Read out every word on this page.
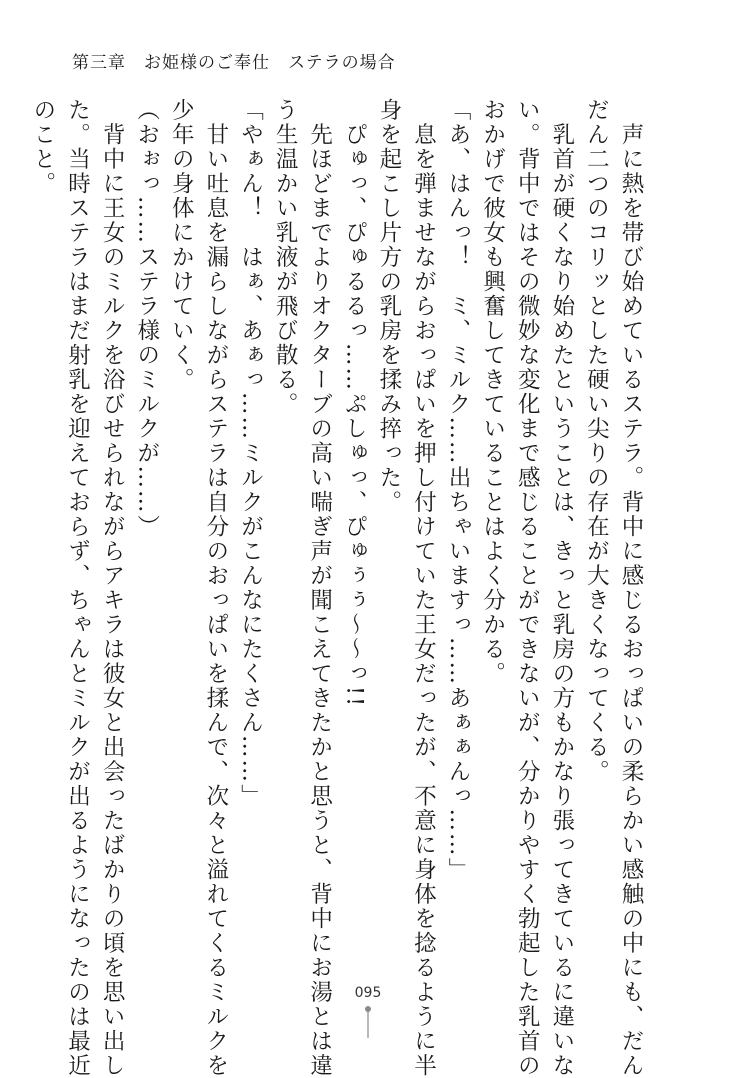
第三章　お姫様のご奉仕　ステラの場合

　声に熱を帯び始めているステラ。背中に感じるおっぱいの柔らかい感触の中にも、だん

だん二つのコリッとした硬い尖りの存在が大きくなってくる。

　乳首が硬くなり始めたということは、きっと乳房の方もかなり張ってきているに違いな

い。背中ではその微妙な変化まで感じることができないが、分かりやすく勃起した乳首の

おかげで彼女も興奮してきていることはよく分かる。

「あ、はんっ！　ミ、ミルク……出ちゃいますっ……あぁぁんっ……」

　息を弾ませながらおっぱいを押し付けていた王女だったが、不意に身体を捻るように半

身を起こし片方の乳房を揉み捽った。

　ぴゅっ、ぴゅるるっ……ぷしゅっ、ぴゅぅぅ～～っ!!

　先ほどまでよりオクターブの高い喘ぎ声が聞こえてきたかと思うと、背中にお湯とは違

う生温かい乳液が飛び散る。

「やぁん！　はぁ、あぁっ……ミルクがこんなにたくさん……」

　甘い吐息を漏らしながらステラは自分のおっぱいを揉んで、次々と溢れてくるミルクを

少年の身体にかけていく。

（おぉっ……ステラ様のミルクが……）

　背中に王女のミルクを浴びせられながらアキラは彼女と出会ったばかりの頃を思い出し

た。当時ステラはまだ射乳を迎えておらず、ちゃんとミルクが出るようになったのは最近

のこと。

095
